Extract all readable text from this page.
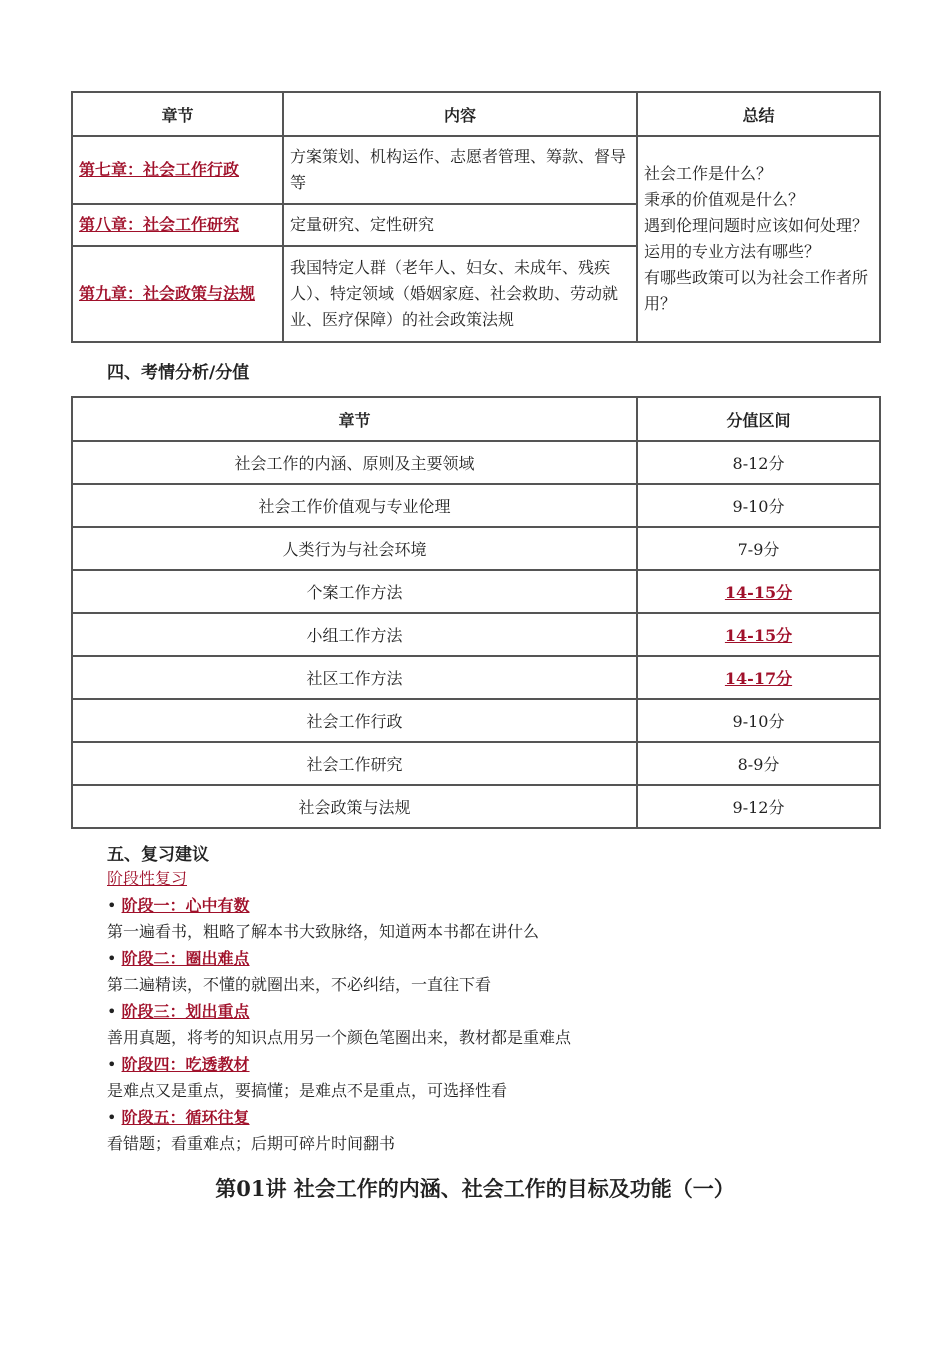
章节	内容	总结
第七章：社会工作行政	方案策划、机构运作、志愿者管理、筹款、督导等	社会工作是什么？
秉承的价值观是什么？
遇到伦理问题时应该如何处理？运用的专业方法有哪些？
有哪些政策可以为社会工作者所用？
第八章：社会工作研究	定量研究、定性研究	
第九章：社会政策与法规	我国特定人群（老年人、妇女、未成年、残疾人）、特定领域（婚姻家庭、社会救助、劳动就业、医疗保障）的社会政策法规	
四、考情分析/分值
章节	分值区间
社会工作的内涵、原则及主要领域	8-12分
社会工作价值观与专业伦理	9-10分
人类行为与社会环境	7-9分
个案工作方法	14-15分
小组工作方法	14-15分
社区工作方法	14-17分
社会工作行政	9-10分
社会工作研究	8-9分
社会政策与法规	9-12分
五、复习建议
阶段性复习
• 阶段一：心中有数
第一遍看书，粗略了解本书大致脉络，知道两本书都在讲什么
• 阶段二：圈出难点
第二遍精读，不懂的就圈出来，不必纠结，一直往下看
• 阶段三：划出重点
善用真题，将考的知识点用另一个颜色笔圈出来，教材都是重难点
• 阶段四：吃透教材
是难点又是重点，要搞懂；是难点不是重点，可选择性看
• 阶段五：循环往复
看错题；看重难点；后期可碎片时间翻书
第01讲 社会工作的内涵、社会工作的目标及功能（一）
